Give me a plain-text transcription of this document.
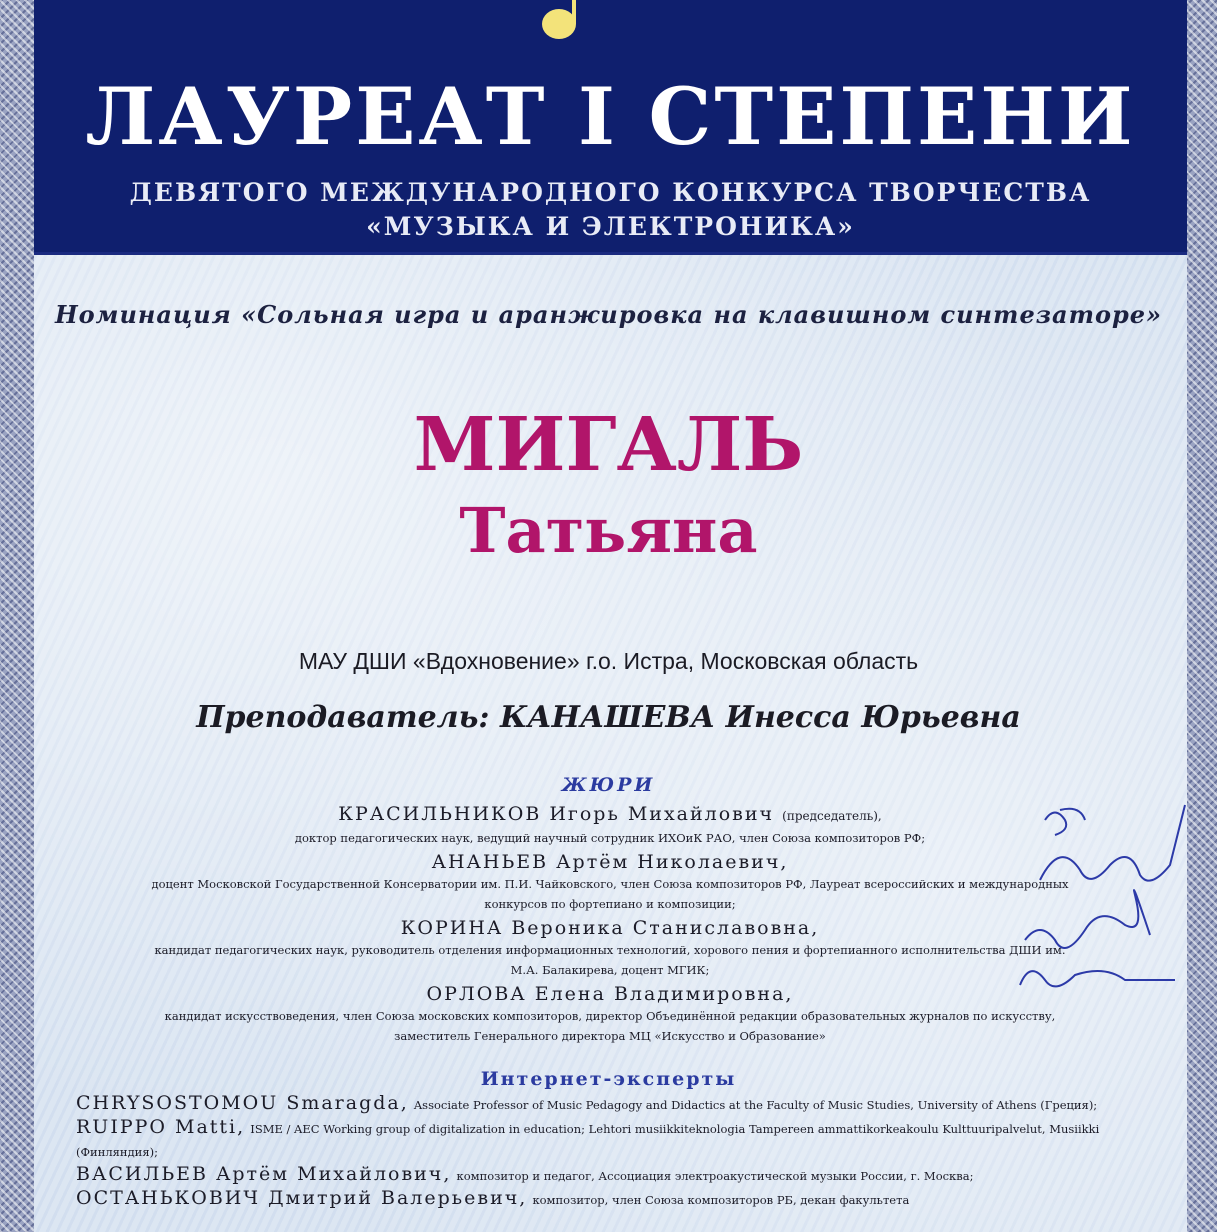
ЛАУРЕАТ I СТЕПЕНИ
ДЕВЯТОГО МЕЖДУНАРОДНОГО КОНКУРСА ТВОРЧЕСТВА
«МУЗЫКА И ЭЛЕКТРОНИКА»
Номинация «Сольная игра и аранжировка на клавишном синтезаторе»
МИГАЛЬ
Татьяна
МАУ ДШИ «Вдохновение» г.о. Истра, Московская область
Преподаватель: КАНАШЕВА Инесса Юрьевна
ЖЮРИ
КРАСИЛЬНИКОВ Игорь Михайлович (председатель),
доктор педагогических наук, ведущий научный сотрудник ИХОиК РАО, член Союза композиторов РФ;
АНАНЬЕВ Артём Николаевич,
доцент Московской Государственной Консерватории им. П.И. Чайковского, член Союза композиторов РФ, Лауреат всероссийских и международных конкурсов по фортепиано и композиции;
КОРИНА Вероника Станиславовна,
кандидат педагогических наук, руководитель отделения информационных технологий, хорового пения и фортепианного исполнительства ДШИ им. М.А. Балакирева, доцент МГИК;
ОРЛОВА Елена Владимировна,
кандидат искусствоведения, член Союза московских композиторов, директор Объединённой редакции образовательных журналов по искусству, заместитель Генерального директора МЦ «Искусство и Образование»
Интернет-эксперты
CHRYSOSTOMOU Smaragda, Associate Professor of Music Pedagogy and Didactics at the Faculty of Music Studies, University of Athens (Греция);
RUIPPO Matti, ISME / AEC Working group of digitalization in education; Lehtori musiikkiteknologia Tampereen ammattikorkeakoulu Kulttuuripalvelut, Musiikki (Финляндия);
ВАСИЛЬЕВ Артём Михайлович, композитор и педагог, Ассоциация электроакустической музыки России, г. Москва;
ОСТАНЬКОВИЧ Дмитрий Валерьевич, композитор, член Союза композиторов РБ, декан факультета
